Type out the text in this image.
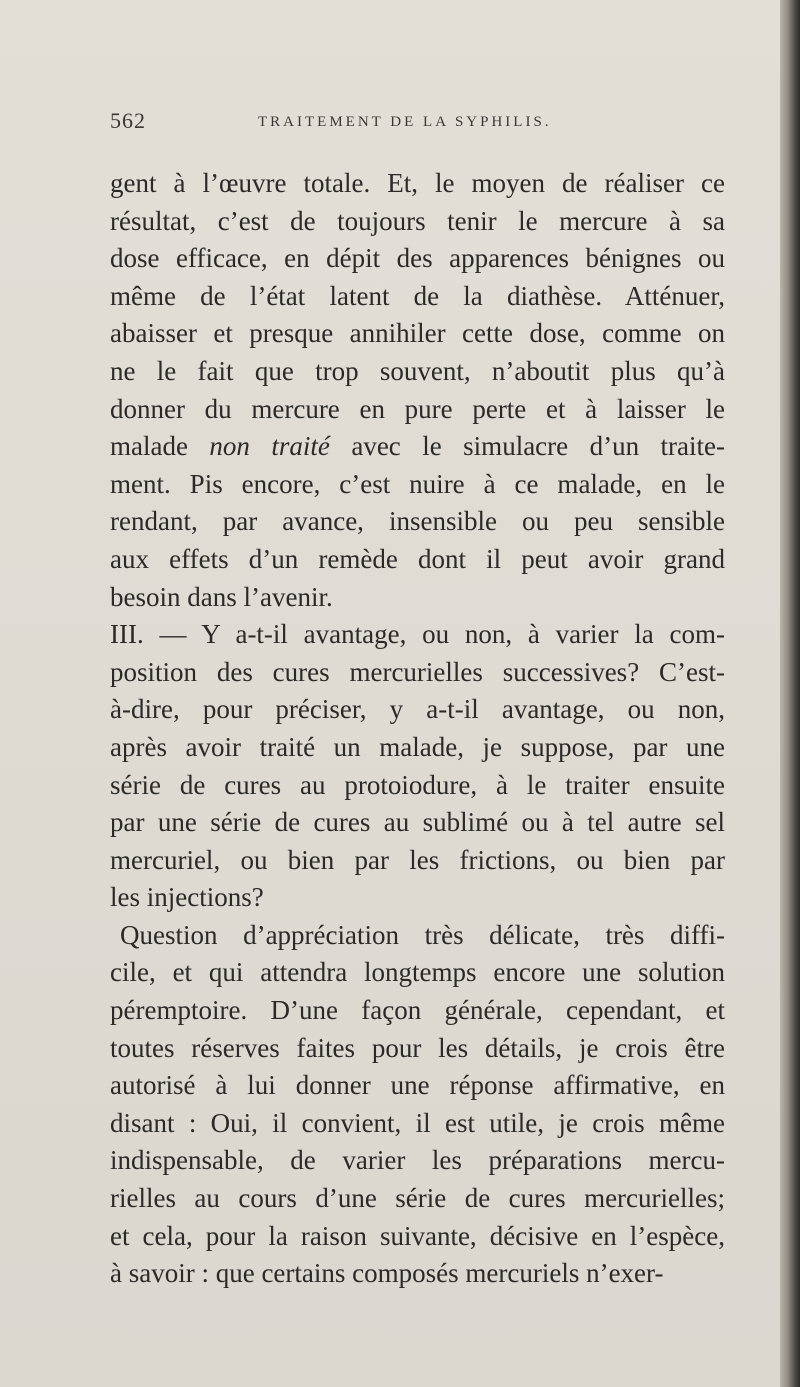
562	TRAITEMENT DE LA SYPHILIS.
gent à l’œuvre totale. Et, le moyen de réaliser ce
résultat, c’est de toujours tenir le mercure à sa
dose efficace, en dépit des apparences bénignes ou
même de l’état latent de la diathèse. Atténuer,
abaisser et presque annihiler cette dose, comme on
ne le fait que trop souvent, n’aboutit plus qu’à
donner du mercure en pure perte et à laisser le
malade non traité avec le simulacre d’un traite-
ment. Pis encore, c’est nuire à ce malade, en le
rendant, par avance, insensible ou peu sensible
aux effets d’un remède dont il peut avoir grand
besoin dans l’avenir.
III. — Y a-t-il avantage, ou non, à varier la com-
position des cures mercurielles successives? C’est-
à-dire, pour préciser, y a-t-il avantage, ou non,
après avoir traité un malade, je suppose, par une
série de cures au protoiodure, à le traiter ensuite
par une série de cures au sublimé ou à tel autre sel
mercuriel, ou bien par les frictions, ou bien par
les injections?
Question d’appréciation très délicate, très diffi-
cile, et qui attendra longtemps encore une solution
péremptoire. D’une façon générale, cependant, et
toutes réserves faites pour les détails, je crois être
autorisé à lui donner une réponse affirmative, en
disant : Oui, il convient, il est utile, je crois même
indispensable, de varier les préparations mercu-
rielles au cours d’une série de cures mercurielles;
et cela, pour la raison suivante, décisive en l’espèce,
à savoir : que certains composés mercuriels n’exer-
